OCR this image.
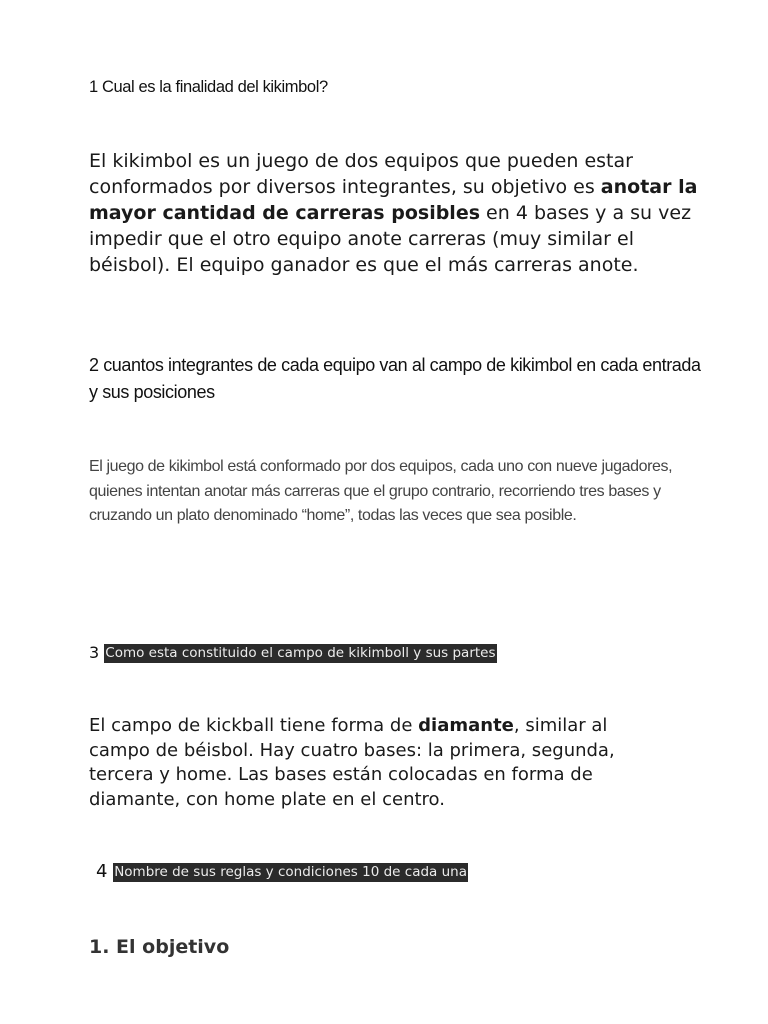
1 Cual es la finalidad del kikimbol?

El kikimbol es un juego de dos equipos que pueden estar conformados por diversos integrantes, su objetivo es anotar la mayor cantidad de carreras posibles en 4 bases y a su vez impedir que el otro equipo anote carreras (muy similar el béisbol). El equipo ganador es que el más carreras anote.

2 cuantos integrantes de cada equipo van al campo de kikimbol en cada entrada y sus posiciones

El juego de kikimbol está conformado por dos equipos, cada uno con nueve jugadores, quienes intentan anotar más carreras que el grupo contrario, recorriendo tres bases y cruzando un plato denominado “home”, todas las veces que sea posible.

3 Como esta constituido el campo de kikimboll y sus partes

El campo de kickball tiene forma de diamante, similar al campo de béisbol. Hay cuatro bases: la primera, segunda, tercera y home. Las bases están colocadas en forma de diamante, con home plate en el centro.

4 Nombre de sus reglas y condiciones 10 de cada una

1. El objetivo
